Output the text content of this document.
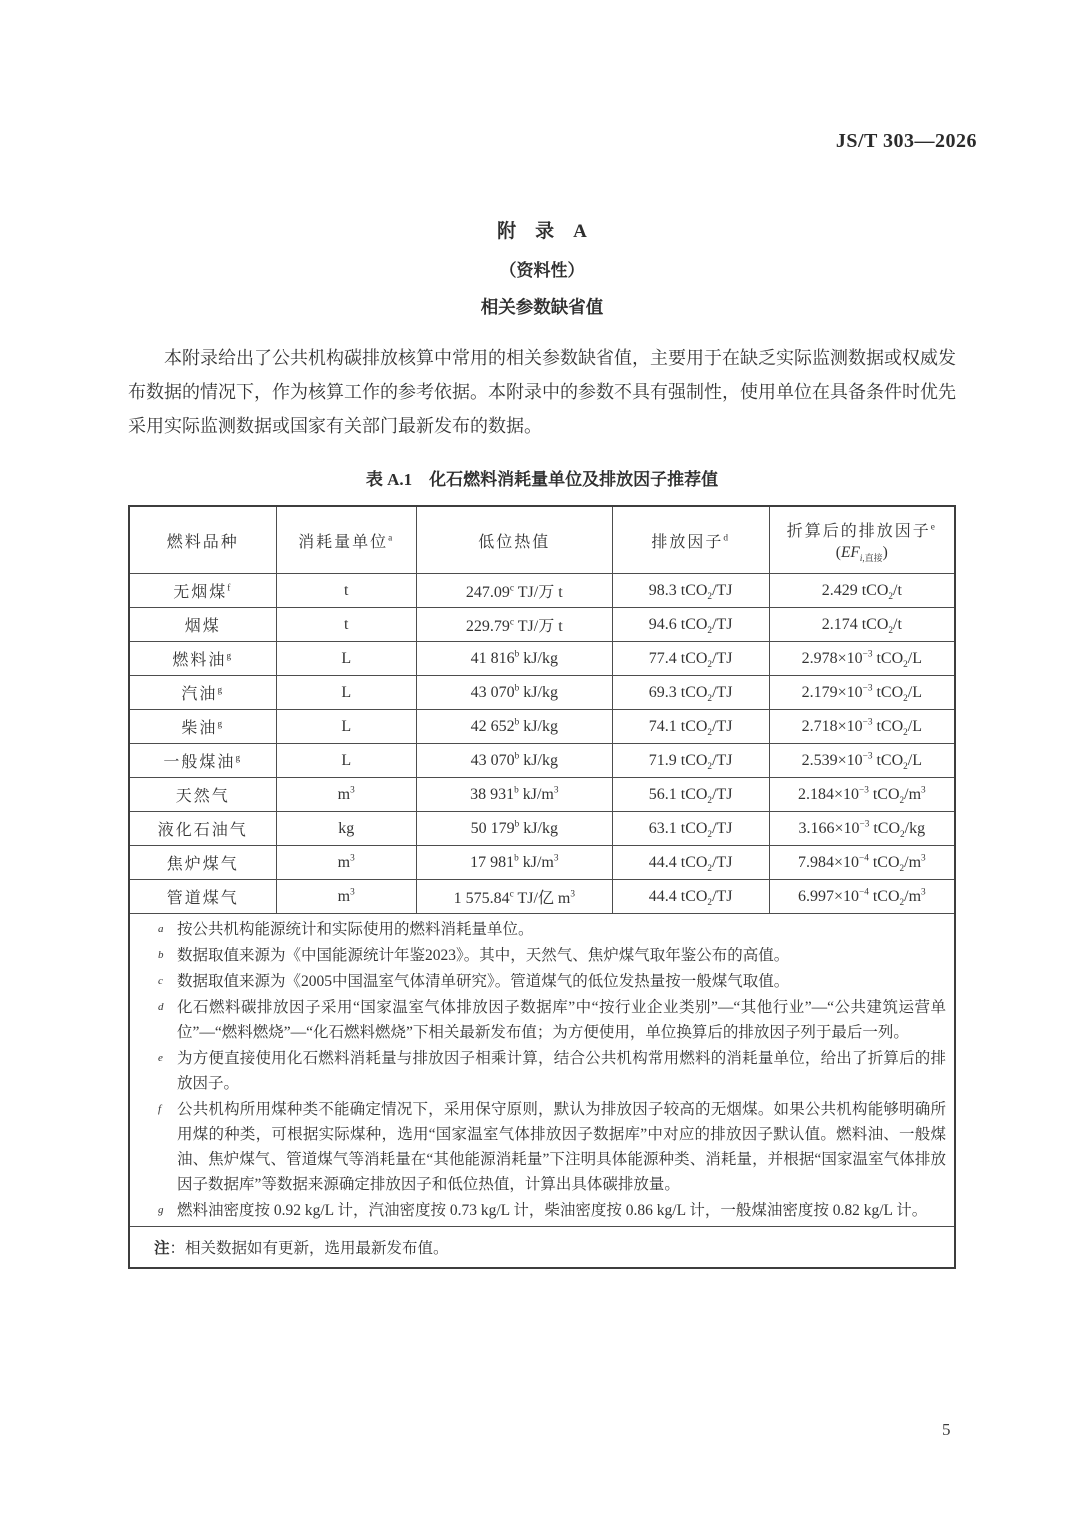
JS/T 303—2026
附　录　A
（资料性）
相关参数缺省值

本附录给出了公共机构碳排放核算中常用的相关参数缺省值，主要用于在缺乏实际监测数据或权威发布数据的情况下，作为核算工作的参考依据。本附录中的参数不具有强制性，使用单位在具备条件时优先采用实际监测数据或国家有关部门最新发布的数据。

表 A.1　化石燃料消耗量单位及排放因子推荐值
燃料品种	消耗量单位$^a$	低位热值	排放因子$^d$	折算后的排放因子$^e$
$(EF_{i,直接})$

无烟煤$^f$	t	247.09$^c$ TJ/万 t	98.3 tCO$_2$/TJ	2.429 tCO$_2$/t
烟煤	t	229.79$^c$ TJ/万 t	94.6 tCO$_2$/TJ	2.174 tCO$_2$/t
燃料油$^g$	L	41 816$^b$ kJ/kg	77.4 tCO$_2$/TJ	$2.978\times 10^{-3}$ tCO$_2$/L
汽油$^g$	L	43 070$^b$ kJ/kg	69.3 tCO$_2$/TJ	$2.179\times 10^{-3}$ tCO$_2$/L
柴油$^g$	L	42 652$^b$ kJ/kg	74.1 tCO$_2$/TJ	$2.718\times 10^{-3}$ tCO$_2$/L
一般煤油$^g$	L	43 070$^b$ kJ/kg	71.9 tCO$_2$/TJ	$2.539\times 10^{-3}$ tCO$_2$/L
天然气	$m^3$	38 931$^b$ $kJ/m^3$	56.1 tCO$_2$/TJ	$2.184\times 10^{-3}$ $tCO_2/m^3$
液化石油气	kg	50 179$^b$ kJ/kg	63.1 tCO$_2$/TJ	$3.166\times 10^{-3}$ tCO$_2$/kg
焦炉煤气	$m^3$	17 981$^b$ $kJ/m^3$	44.4 tCO$_2$/TJ	$7.984\times 10^{-4}$ $tCO_2/m^3$
管道煤气	$m^3$	1 575.84$^c$ TJ/亿 $m^3$	44.4 tCO$_2$/TJ	$6.997\times 10^{-4}$ $tCO_2/m^3$

a 按公共机构能源统计和实际使用的燃料消耗量单位。
b 数据取值来源为《中国能源统计年鉴2023》。其中，天然气、焦炉煤气取年鉴公布的高值。
c 数据取值来源为《2005中国温室气体清单研究》。管道煤气的低位发热量按一般煤气取值。
d 化石燃料碳排放因子采用“国家温室气体排放因子数据库”中“按行业企业类别”—“其他行业”—“公共建筑运营单位”—“燃料燃烧”—“化石燃料燃烧”下相关最新发布值；为方便使用，单位换算后的排放因子列于最后一列。
e 为方便直接使用化石燃料消耗量与排放因子相乘计算，结合公共机构常用燃料的消耗量单位，给出了折算后的排放因子。
f 公共机构所用煤种类不能确定情况下，采用保守原则，默认为排放因子较高的无烟煤。如果公共机构能够明确所用煤的种类，可根据实际煤种，选用“国家温室气体排放因子数据库”中对应的排放因子默认值。燃料油、一般煤油、焦炉煤气、管道煤气等消耗量在“其他能源消耗量”下注明具体能源种类、消耗量，并根据“国家温室气体排放因子数据库”等数据来源确定排放因子和低位热值，计算出具体碳排放量。
g 燃料油密度按 0.92 kg/L 计，汽油密度按 0.73 kg/L 计，柴油密度按 0.86 kg/L 计，一般煤油密度按 0.82 kg/L 计。

注：相关数据如有更新，选用最新发布值。				
5
